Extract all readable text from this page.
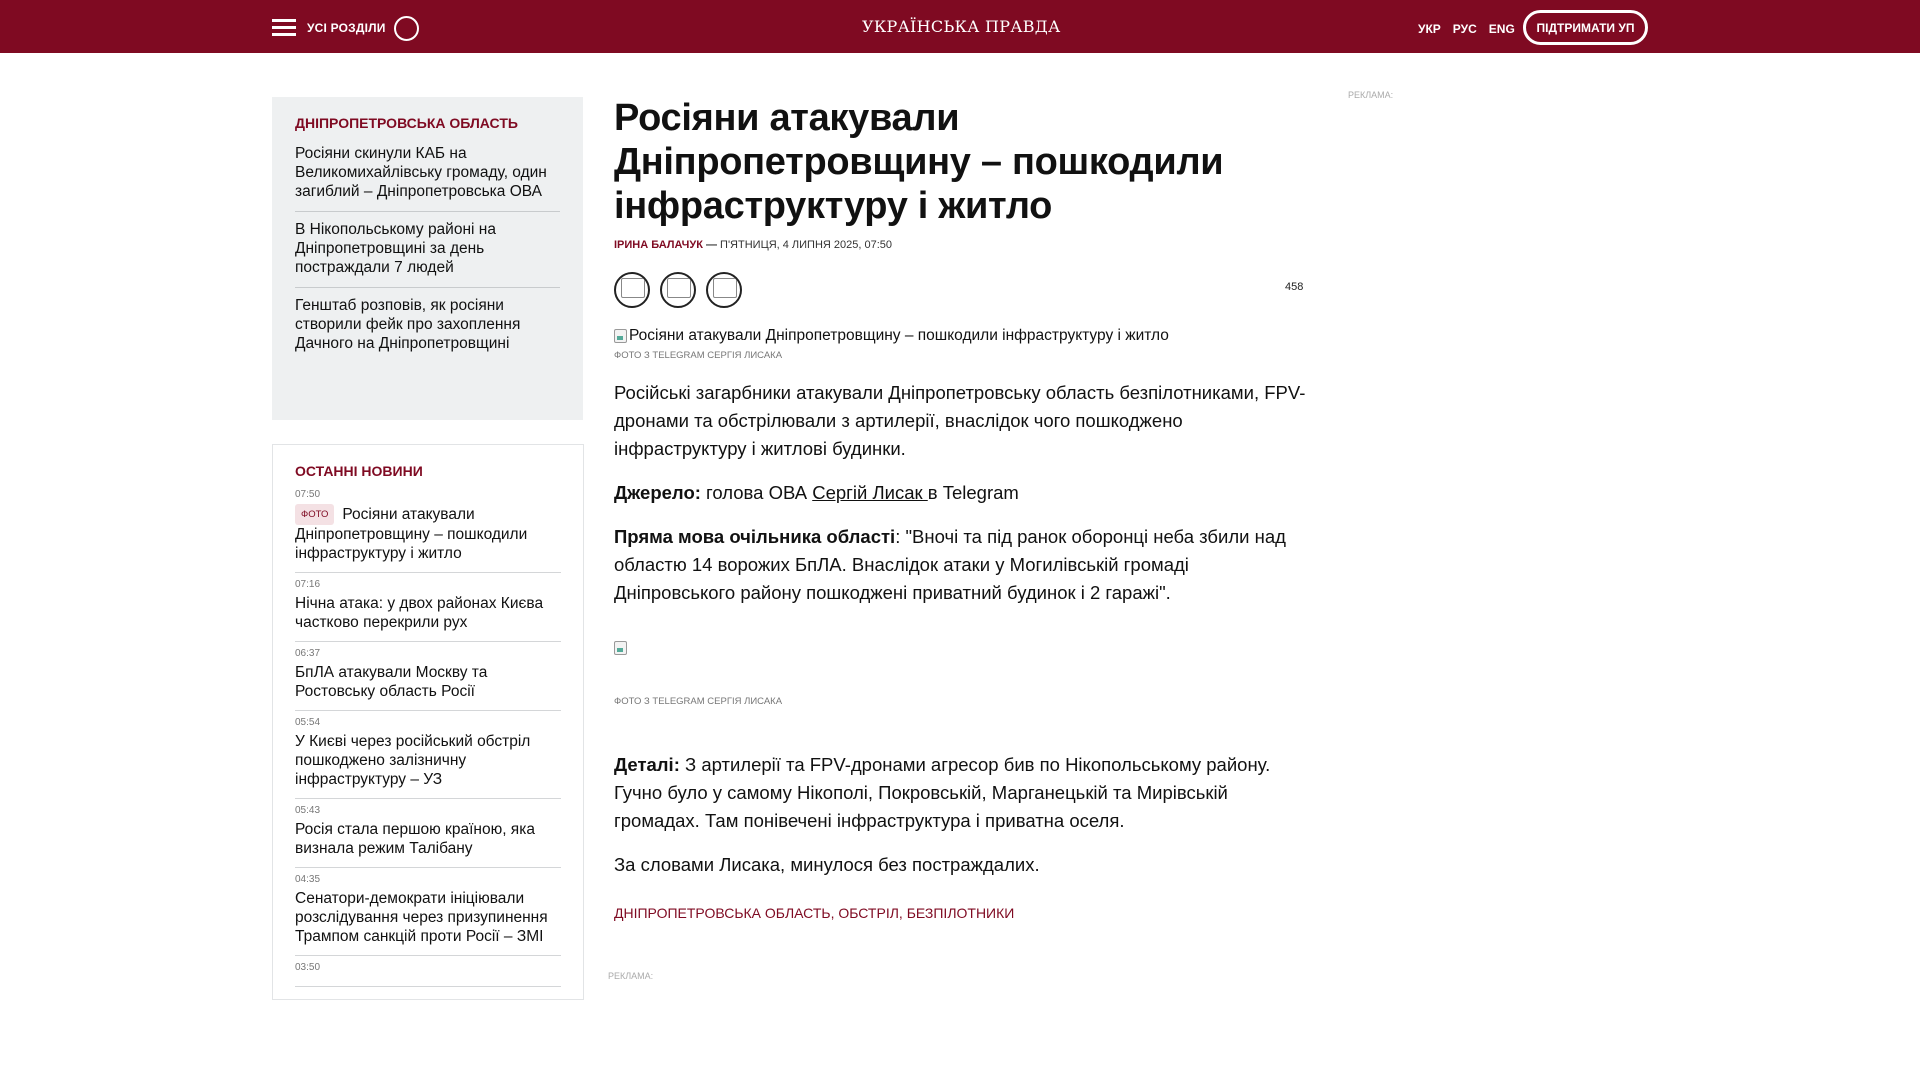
УСІ РОЗДІЛИ	УКРАЇНСЬКА ПРАВДА	УКР РУС ENG	ПІДТРИМАТИ УП
ДНІПРОПЕТРОВСЬКА ОБЛАСТЬ
Росіяни скинули КАБ на Великомихайлівську громаду, один загиблий – Дніпропетровська ОВА
В Нікопольському районі на Дніпропетровщині за день постраждали 7 людей
Генштаб розповів, як росіяни створили фейк про захоплення Дачного на Дніпропетровщині
ОСТАННІ НОВИНИ
07:50
ФОТО Росіяни атакували Дніпропетровщину – пошкодили інфраструктуру і житло
07:16
Нічна атака: у двох районах Києва частково перекрили рух
06:37
БпЛА атакували Москву та Ростовську область Росії
05:54
У Києві через російський обстріл пошкоджено залізничну інфраструктуру – УЗ
05:43
Росія стала першою країною, яка визнала режим Талібану
04:35
Сенатори-демократи ініціювали розслідування через призупинення Трампом санкцій проти Росії – ЗМІ
03:50
Росіяни атакували Дніпропетровщину – пошкодили інфраструктуру і житло
ІРИНА БАЛАЧУК — П'ЯТНИЦЯ, 4 ЛИПНЯ 2025, 07:50
458
Росіяни атакували Дніпропетровщину – пошкодили інфраструктуру і житло
ФОТО З TELEGRAM СЕРГІЯ ЛИСАКА

Російські загарбники атакували Дніпропетровську область безпілотниками, FPV-дронами та обстрілювали з артилерії, внаслідок чого пошкоджено інфраструктуру і житлові будинки.

Джерело: голова ОВА Сергій Лисак в Telegram

Пряма мова очільника області: "Вночі та під ранок оборонці неба збили над областю 14 ворожих БпЛА. Внаслідок атаки у Могилівській громаді Дніпровського району пошкоджені приватний будинок і 2 гаражі".

ФОТО З TELEGRAM СЕРГІЯ ЛИСАКА

Деталі: З артилерії та FPV-дронами агресор бив по Нікопольському району. Гучно було у самому Нікополі, Покровській, Марганецькій та Мирівській громадах. Там понівечені інфраструктура і приватна оселя.

За словами Лисака, минулося без постраждалих.

ДНІПРОПЕТРОВСЬКА ОБЛАСТЬ, ОБСТРІЛ, БЕЗПІЛОТНИКИ
РЕКЛАМА:
РЕКЛАМА:
